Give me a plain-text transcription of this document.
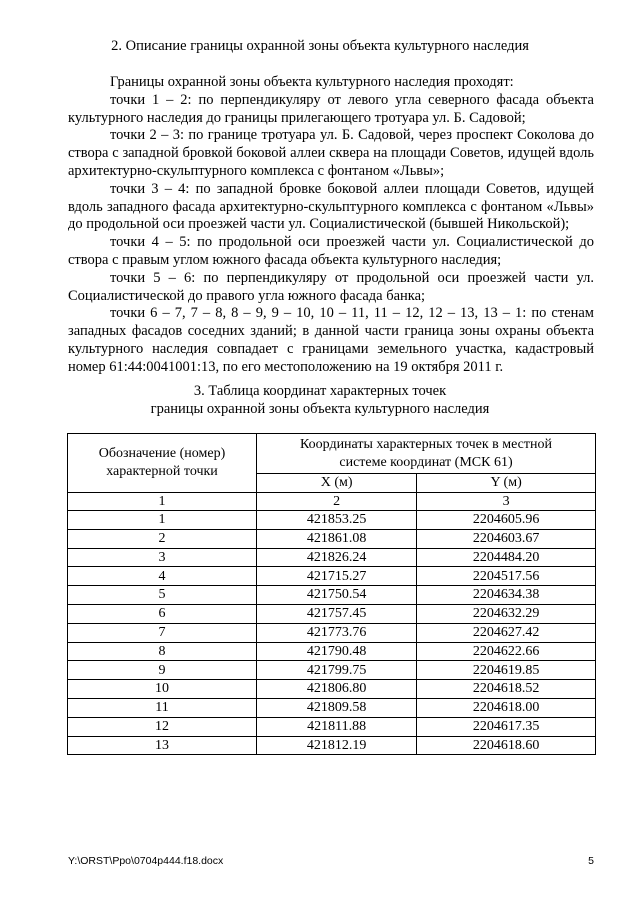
2. Описание границы охранной зоны объекта культурного наследия

Границы охранной зоны объекта культурного наследия проходят:

точки 1 – 2: по перпендикуляру от левого угла северного фасада объекта культурного наследия до границы прилегающего тротуара ул. Б. Садовой;

точки 2 – 3: по границе тротуара ул. Б. Садовой, через проспект Соколова до створа с западной бровкой боковой аллеи сквера на площади Советов, идущей вдоль архитектурно-скульптурного комплекса с фонтаном «Львы»;

точки 3 – 4: по западной бровке боковой аллеи площади Советов, идущей вдоль западного фасада архитектурно-скульптурного комплекса с фонтаном «Львы» до продольной оси проезжей части ул. Социалистической (бывшей Никольской);

точки 4 – 5: по продольной оси проезжей части ул. Социалистической до створа с правым углом южного фасада объекта культурного наследия;

точки 5 – 6: по перпендикуляру от продольной оси проезжей части ул. Социалистической до правого угла южного фасада банка;

точки 6 – 7, 7 – 8, 8 – 9, 9 – 10, 10 – 11, 11 – 12, 12 – 13, 13 – 1: по стенам западных фасадов соседних зданий; в данной части граница зоны охраны объекта культурного наследия совпадает с границами земельного участка, кадастровый номер 61:44:0041001:13, по его местоположению на 19 октября 2011 г.

3. Таблица координат характерных точек
границы охранной зоны объекта культурного наследия
Обозначение (номер) характерной точки	Координаты характерных точек в местной системе координат (МСК 61)	
	X (м)	Y (м)
1	2	3
1	421853.25	2204605.96
2	421861.08	2204603.67
3	421826.24	2204484.20
4	421715.27	2204517.56
5	421750.54	2204634.38
6	421757.45	2204632.29
7	421773.76	2204627.42
8	421790.48	2204622.66
9	421799.75	2204619.85
10	421806.80	2204618.52
11	421809.58	2204618.00
12	421811.88	2204617.35
13	421812.19	2204618.60
Y:\ORST\Ppo\0704p444.f18.docx	5
